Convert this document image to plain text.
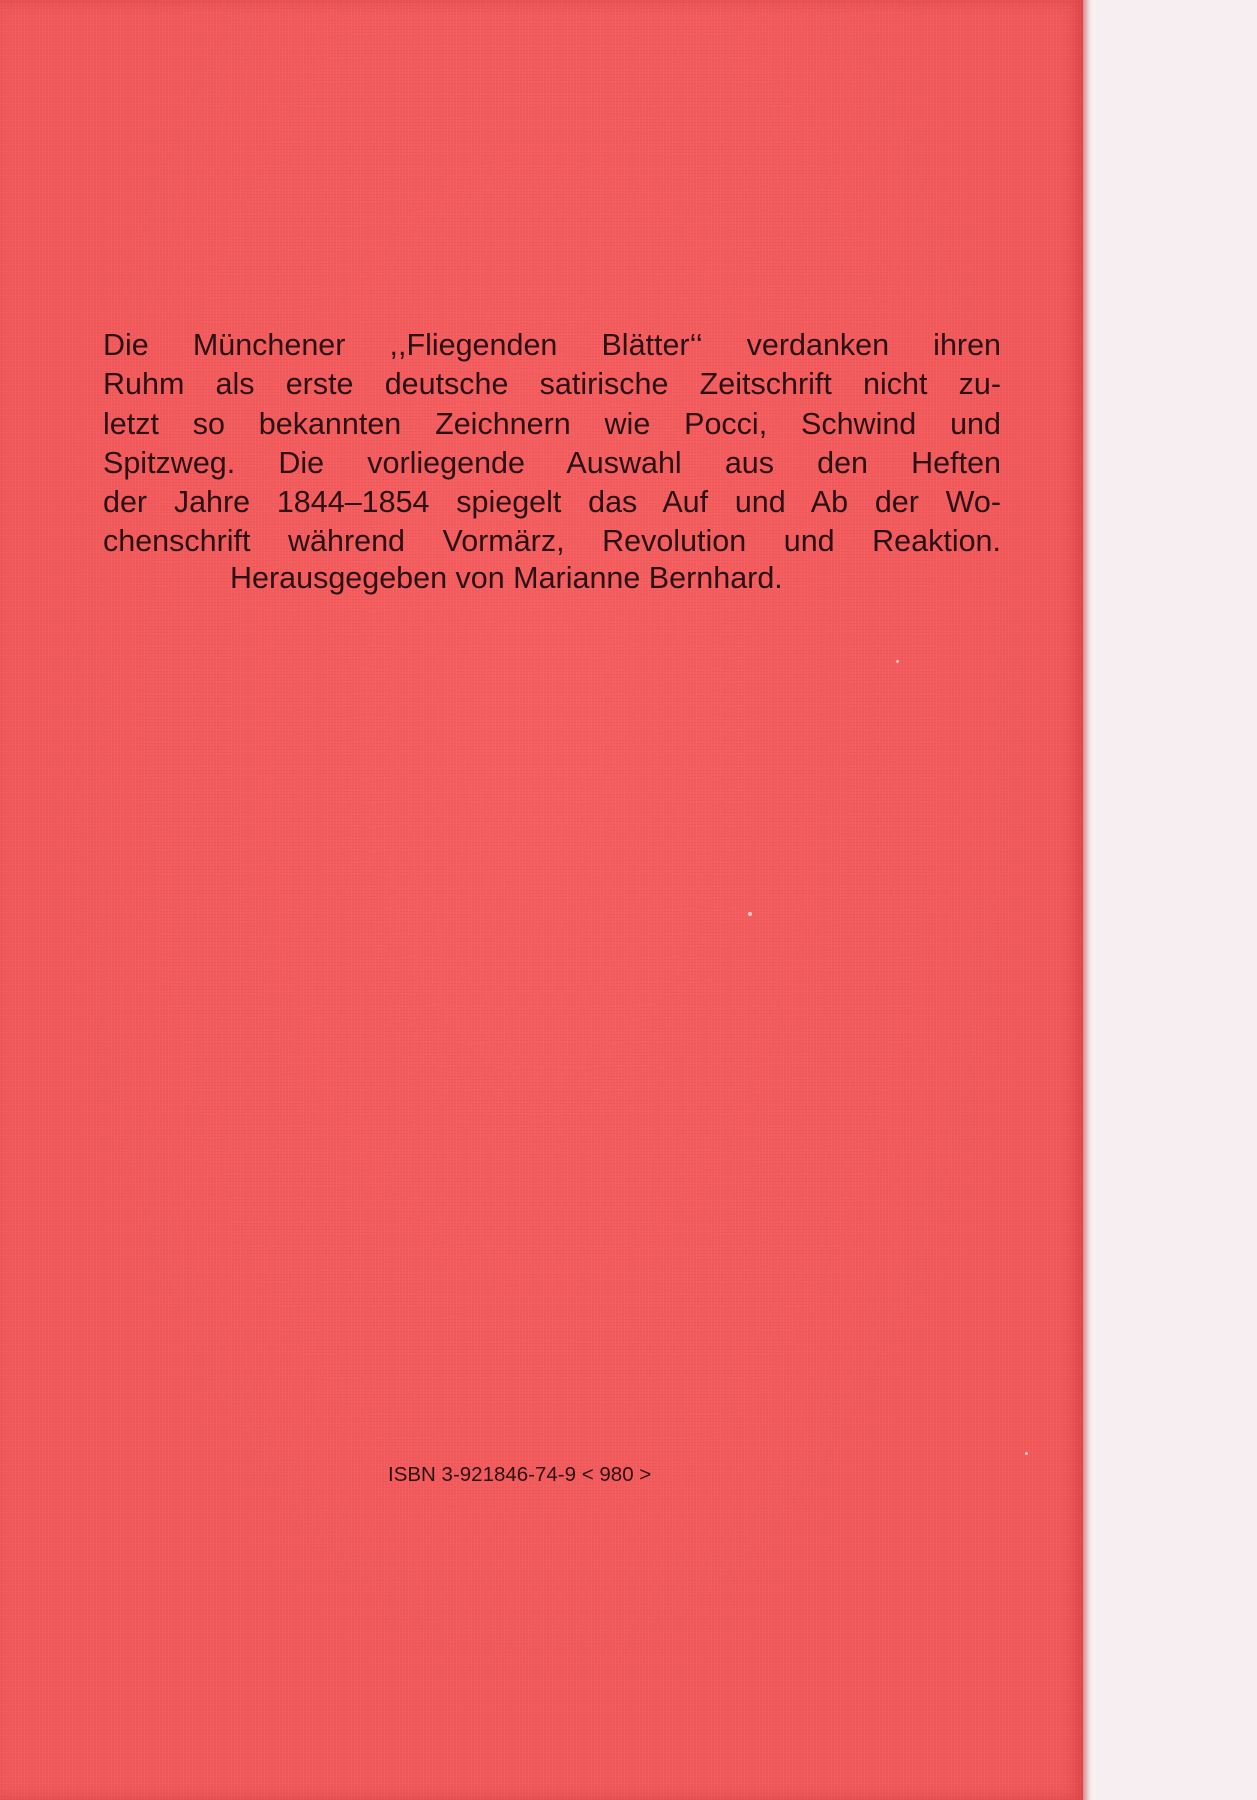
Die Münchener ,,Fliegenden Blätter‘‘ verdanken ihren
Ruhm als erste deutsche satirische Zeitschrift nicht zu-
letzt so bekannten Zeichnern wie Pocci, Schwind und
Spitzweg. Die vorliegende Auswahl aus den Heften
der Jahre 1844–1854 spiegelt das Auf und Ab der Wo-
chenschrift während Vormärz, Revolution und Reaktion.
Herausgegeben von Marianne Bernhard.
ISBN 3-921846-74-9 < 980 >
